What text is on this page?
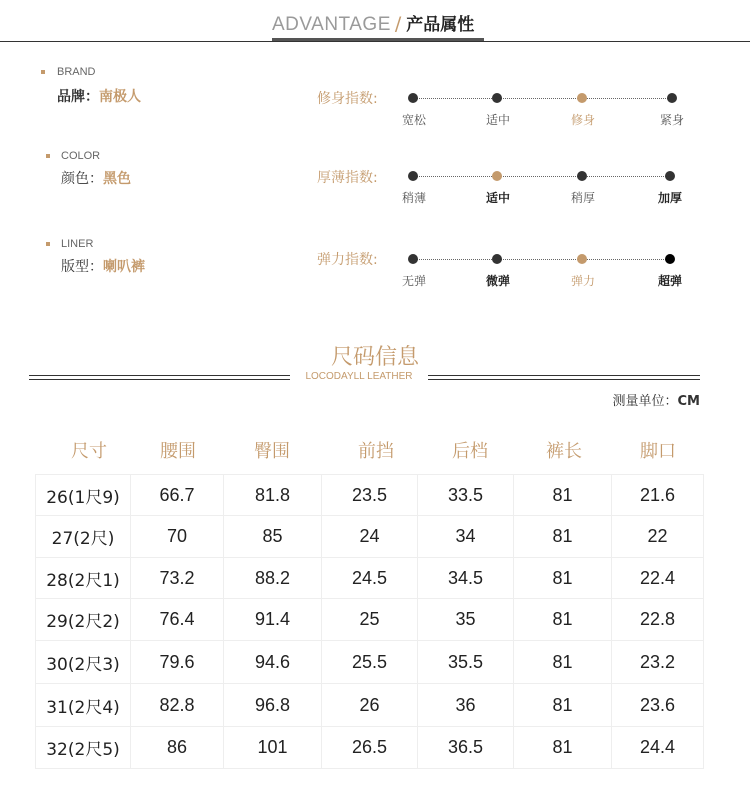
ADVANTAGE / 产品属性
BRAND
品牌：南极人
COLOR
颜色：黑色
LINER
版型：喇叭裤
修身指数:
宽松	适中	修身	紧身
厚薄指数:
稍薄	适中	稍厚	加厚
弹力指数:
无弹	微弹	弹力	超弹
尺码信息
LOCODAYLL LEATHER
测量单位：CM
尺寸	腰围	臀围	前挡	后档	裤长	脚口
26(1尺9)	66.7	81.8	23.5	33.5	81	21.6
27(2尺)	70	85	24	34	81	22
28(2尺1)	73.2	88.2	24.5	34.5	81	22.4
29(2尺2)	76.4	91.4	25	35	81	22.8
30(2尺3)	79.6	94.6	25.5	35.5	81	23.2
31(2尺4)	82.8	96.8	26	36	81	23.6
32(2尺5)	86	101	26.5	36.5	81	24.4
